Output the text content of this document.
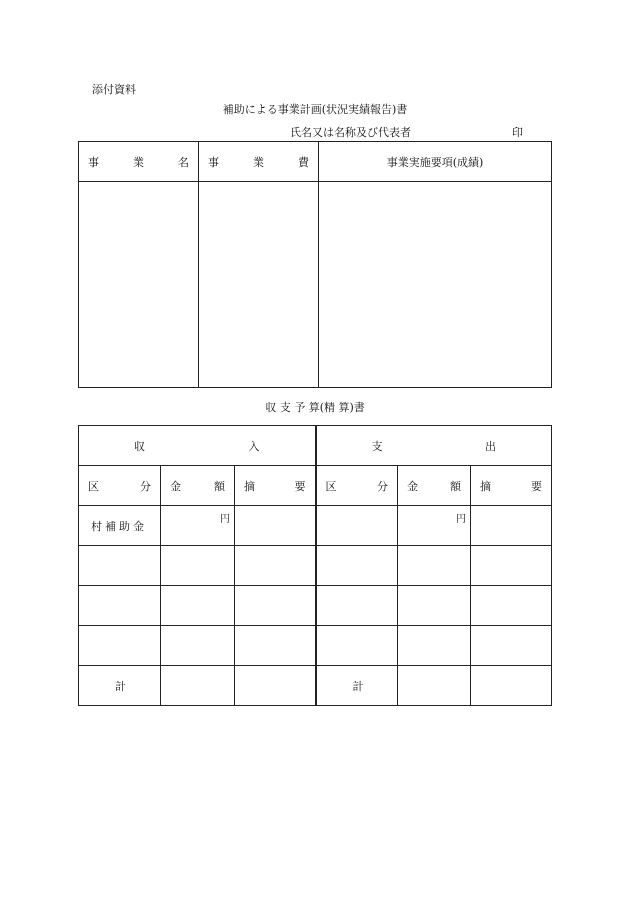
添付資料
補助による事業計画(状況実績報告)書
氏名又は名称及び代表者	印
事 業 名	事 業 費	事業実施要項(成績)

収 支 予 算(精 算)書
収 入			支 出		

区 分	金 額	摘 要	区 分	金 額	摘 要

村補助金	円			円	

計			計		
